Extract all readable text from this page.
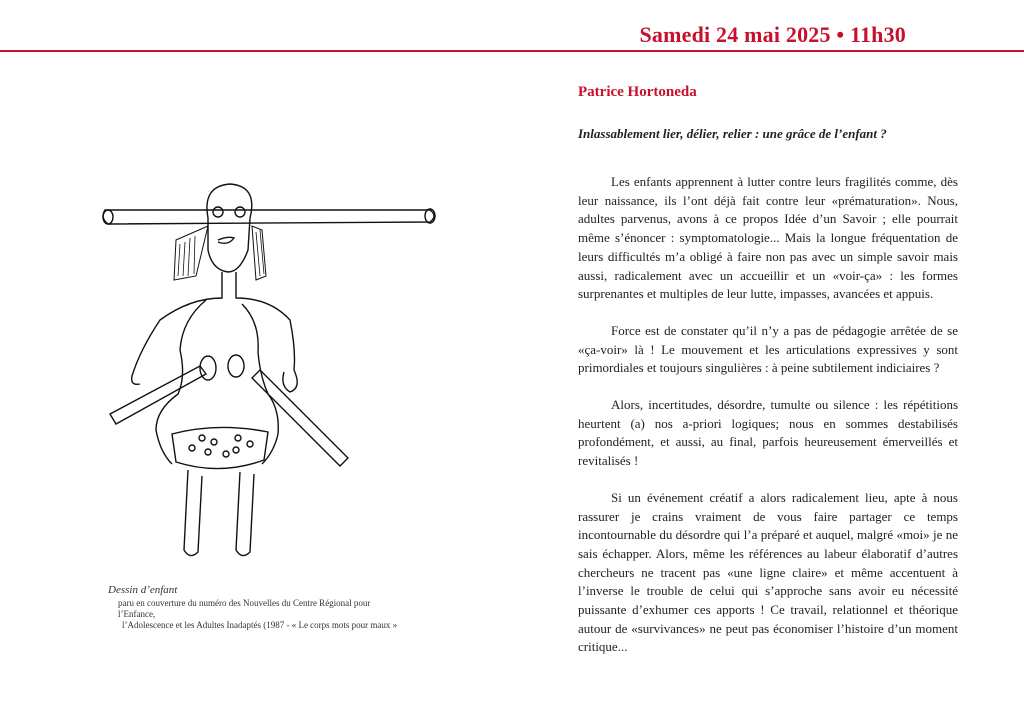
Samedi 24 mai 2025 • 11h30
Dessin d’enfant
paru en couverture du numéro des Nouvelles du Centre Régional pour l’Enfance,
l’Adolescence et les Adultes Inadaptés (1987 - « Le corps mots pour maux »
Patrice Hortoneda
Inlassablement lier, délier, relier : une grâce de l’enfant ?

Les enfants apprennent à lutter contre leurs fragilités comme, dès leur naissance, ils l’ont déjà fait contre leur «prématuration». Nous, adultes parvenus, avons à ce propos Idée d’un Savoir ; elle pourrait même s’énoncer : symptomatologie... Mais la longue fréquentation de leurs difficultés m’a obligé à faire non pas avec un simple savoir mais aussi, radicalement avec un accueillir et un «voir-ça» : les formes surprenantes et multiples de leur lutte, impasses, avancées et appuis.

Force est de constater qu’il n’y a pas de pédagogie arrêtée de se «ça-voir» là ! Le mouvement et les articulations expressives y sont primordiales et toujours singulières : à peine subtilement indiciaires ?

Alors, incertitudes, désordre, tumulte ou silence : les répétitions heurtent (a) nos a-priori logiques; nous en sommes destabilisés profondément, et aussi, au final, parfois heureusement émerveillés et revitalisés !

Si un événement créatif a alors radicalement lieu, apte à nous rassurer je crains vraiment de vous faire partager ce temps incontournable du désordre qui l’a préparé et auquel, malgré «moi» je ne sais échapper. Alors, même les références au labeur élaboratif d’autres chercheurs ne tracent pas «une ligne claire» et même accentuent à l’inverse le trouble de celui qui s’approche sans avoir eu nécessité puissante d’exhumer ces apports ! Ce travail, relationnel et théorique autour de «survivances» ne peut pas économiser l’histoire d’un moment critique...
